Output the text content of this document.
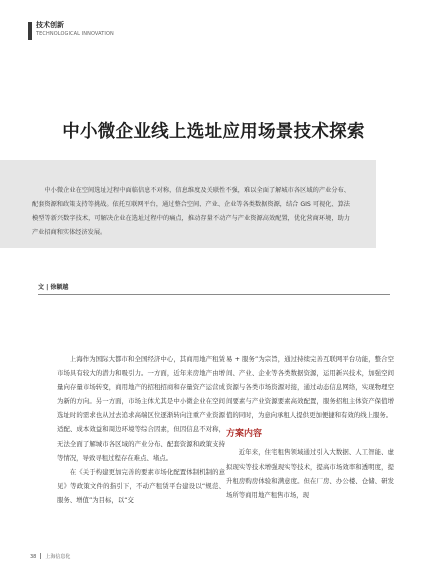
技术创新
TECHNOLOGICAL INNOVATION
中小微企业线上选址应用场景技术探索

中小微企业在空间选址过程中面临信息不对称，信息维度及关联性不强，难以全面了解城市各区域的产业分布、配套资源和政策支持等挑战。依托互联网平台，通过整合空间、产业、企业等各类数据资源，结合 GIS 可视化、算法模型等新兴数字技术，可解决企业在选址过程中的痛点，推动存量不动产与产业资源高效配置，优化营商环境，助力产业招商和实体经济发展。

文 | 徐颖越

上海作为国际大都市和全国经济中心，其商用地产租赁市场具有较大的潜力和吸引力。一方面，近年来房地产由增量向存量市场转变，商用地产的招租招商和存量资产运营成为新的方向。另一方面，市场主体尤其是中小微企业在空间选址时的需求也从过去追求高端区位逐渐转向注重产业资源适配、成本效益和周边环境等综合因素，但因信息不对称，无法全面了解城市各区域的产业分布、配套资源和政策支持等情况，导致寻租过程存在难点、堵点。

在《关于构建更加完善的要素市场化配置体制机制的意见》等政策文件的指引下，不动产租赁平台建设以“规范、服务、增值”为目标，以“交

易 + 服务”为宗旨，通过持续完善互联网平台功能，整合空间、产业、企业等各类数据资源，运用新兴技术，加强空间资源与各类市场资源对接，通过动态信息网络，实现物理空间要素与产业资源要素高效配置，服务招租主体资产保值增值的同时，为意向承租人提供更加便捷和有效的线上服务。

方案内容

近年来，住宅租售领域通过引入大数据、人工智能、虚拟现实等技术增强现实等技术，提高市场效率和透明度，提升租房购房体验和满意度。但在厂房、办公楼、仓储、研发场所等商用地产租售市场，现

38 上海信息化
